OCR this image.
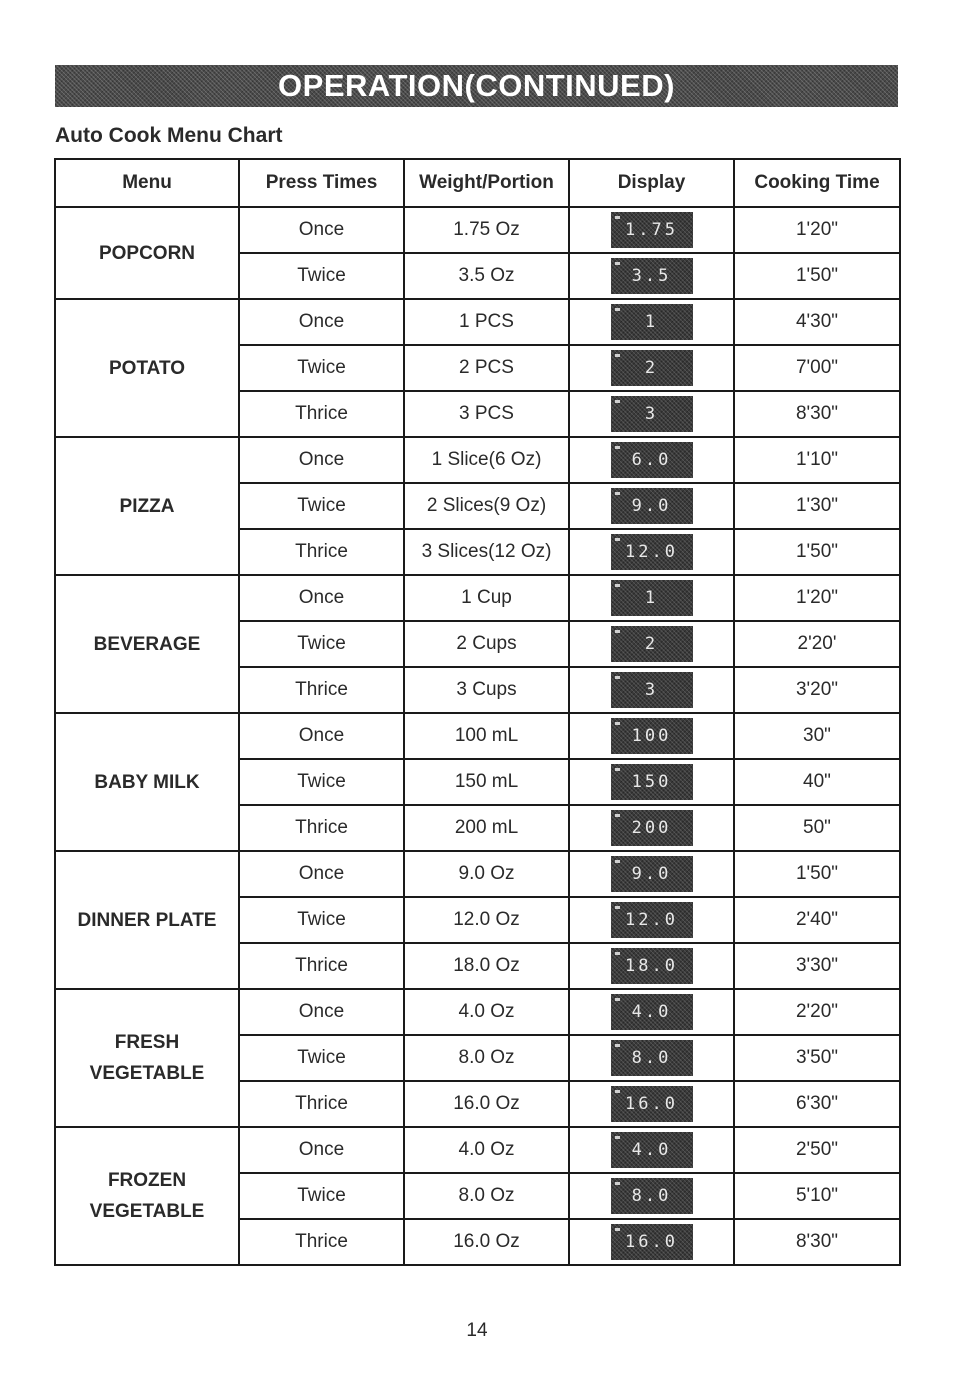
OPERATION(CONTINUED)
Auto Cook Menu Chart
Menu	Press Times	Weight/Portion	Display	Cooking Time

POPCORN	Once	1.75 Oz	1.75	1'20"
	Twice	3.5 Oz	3.5	1'50"

POTATO	Once	1 PCS	1	4'30"
	Twice	2 PCS	2	7'00"
	Thrice	3 PCS	3	8'30"

PIZZA	Once	1 Slice(6 Oz)	6.0	1'10"
	Twice	2 Slices(9 Oz)	9.0	1'30"
	Thrice	3 Slices(12 Oz)	12.0	1'50"

BEVERAGE	Once	1 Cup	1	1'20"
	Twice	2 Cups	2	2'20'
	Thrice	3 Cups	3	3'20"

BABY MILK	Once	100 mL	100	30"
	Twice	150 mL	150	40"
	Thrice	200 mL	200	50"

DINNER PLATE	Once	9.0 Oz	9.0	1'50"
	Twice	12.0 Oz	12.0	2'40"
	Thrice	18.0 Oz	18.0	3'30"

FRESH
VEGETABLE	Once	4.0 Oz	4.0	2'20"
	Twice	8.0 Oz	8.0	3'50"
	Thrice	16.0 Oz	16.0	6'30"

FROZEN
VEGETABLE	Once	4.0 Oz	4.0	2'50"
	Twice	8.0 Oz	8.0	5'10"
	Thrice	16.0 Oz	16.0	8'30"
14
